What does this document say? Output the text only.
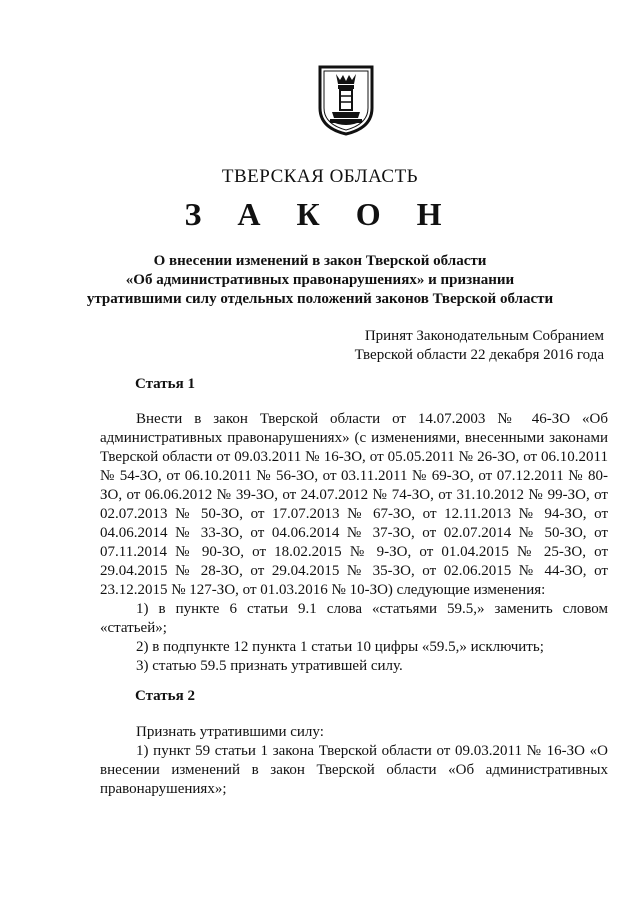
ТВЕРСКАЯ ОБЛАСТЬ
З А К О Н
О внесении изменений в закон Тверской области
«Об административных правонарушениях» и признании
утратившими силу отдельных положений законов Тверской области
Принят Законодательным Собранием
Тверской области 22 декабря 2016 года
Статья 1

Внести в закон Тверской области от 14.07.2003 № 46-ЗО «Об административных правонарушениях» (с изменениями, внесенными законами Тверской области от 09.03.2011 № 16-ЗО, от 05.05.2011 № 26-ЗО, от 06.10.2011 № 54-ЗО, от 06.10.2011 № 56-ЗО, от 03.11.2011 № 69-ЗО, от 07.12.2011 № 80-ЗО, от 06.06.2012 № 39-ЗО, от 24.07.2012 № 74-ЗО, от 31.10.2012 № 99-ЗО, от 02.07.2013 № 50-ЗО, от 17.07.2013 № 67-ЗО, от 12.11.2013 № 94-ЗО, от 04.06.2014 № 33-ЗО, от 04.06.2014 № 37-ЗО, от 02.07.2014 № 50-ЗО, от 07.11.2014 № 90-ЗО, от 18.02.2015 № 9-ЗО, от 01.04.2015 № 25-ЗО, от 29.04.2015 № 28-ЗО, от 29.04.2015 № 35-ЗО, от 02.06.2015 № 44-ЗО, от 23.12.2015 № 127-ЗО, от 01.03.2016 № 10-ЗО) следующие изменения:

1) в пункте 6 статьи 9.1 слова «статьями 59.5,» заменить словом «статьей»;

2) в подпункте 12 пункта 1 статьи 10 цифры «59.5,» исключить;

3) статью 59.5 признать утратившей силу.

Статья 2

Признать утратившими силу:

1) пункт 59 статьи 1 закона Тверской области от 09.03.2011 № 16-ЗО «О внесении изменений в закон Тверской области «Об административных правонарушениях»;
